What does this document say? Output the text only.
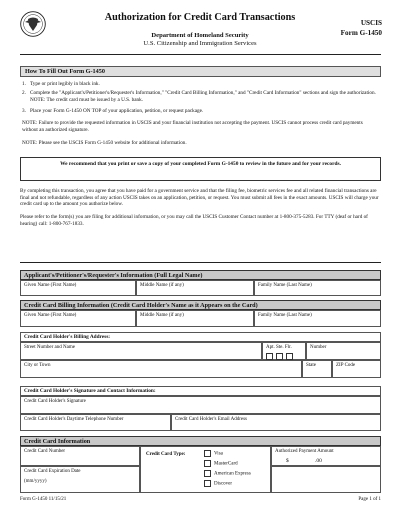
Authorization for Credit Card Transactions
Department of Homeland Security
U.S. Citizenship and Immigration Services
USCIS
Form G-1450
How To Fill Out Form G-1450
1. Type or print legibly in black ink.
2. Complete the "Applicant's/Petitioner's/Requester's Information," "Credit Card Billing Information," and "Credit Card Information" sections and sign the authorization. NOTE: The credit card must be issued by a U.S. bank.
3. Place your Form G-1450 ON TOP of your application, petition, or request package.
NOTE: Failure to provide the requested information in USCIS and your financial institution not accepting the payment. USCIS cannot process credit card payments without an authorized signature.
NOTE: Please see the USCIS Form G-1450 website for additional information.
We recommend that you print or save a copy of your completed Form G-1450 to review in the future and for your records.
By completing this transaction, you agree that you have paid for a government service and that the filing fee, biometric services fee and all related financial transactions are final and not refundable, regardless of any action USCIS takes on an application, petition, or request. You must submit all fees in the exact amounts. USCIS will charge your credit card up to the amount you authorize below.
Please refer to the form(s) you are filing for additional information, or you may call the USCIS Customer Contact number at 1-800-375-5283. For TTY (deaf or hard of hearing) call: 1-800-767-1833.
Applicant's/Petitioner's/Requester's Information (Full Legal Name)
Given Name (First Name)	Middle Name (if any)	Family Name (Last Name)
Credit Card Billing Information (Credit Card Holder's Name as it Appears on the Card)
Given Name (First Name)	Middle Name (if any)	Family Name (Last Name)
Credit Card Holder's Billing Address:
Street Number and Name	Apt. Ste. Flr.	Number
City or Town	State	ZIP Code
Credit Card Holder's Signature and Contact Information:
Credit Card Holder's Signature
Credit Card Holder's Daytime Telephone Number	Credit Card Holder's Email Address
Credit Card Information
Credit Card Number
Credit Card Type:	Visa
MasterCard
American Express
Discover
Authorized Payment Amount
$	.00
Credit Card Expiration Date
(mm/yyyy)
Form G-1450 11/15/21	Page 1 of 1
